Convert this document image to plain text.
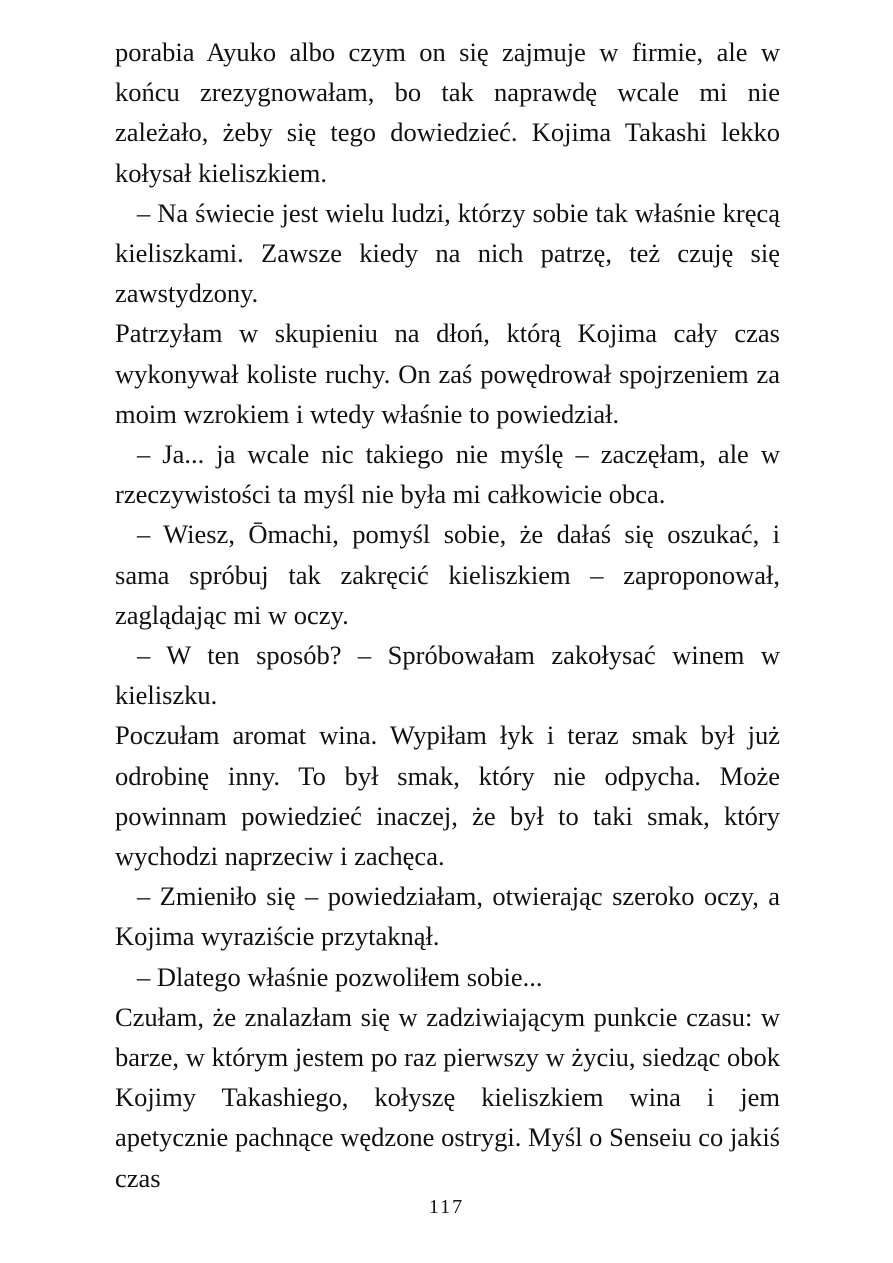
porabia Ayuko albo czym on się zajmuje w firmie, ale w końcu zrezygnowałam, bo tak naprawdę wcale mi nie zależało, żeby się tego dowiedzieć. Kojima Takashi lekko kołysał kieliszkiem.

– Na świecie jest wielu ludzi, którzy sobie tak właśnie kręcą kieliszkami. Zawsze kiedy na nich patrzę, też czuję się zawstydzony.

Patrzyłam w skupieniu na dłoń, którą Kojima cały czas wykonywał koliste ruchy. On zaś powędrował spojrzeniem za moim wzrokiem i wtedy właśnie to powiedział.

– Ja... ja wcale nic takiego nie myślę – zaczęłam, ale w rzeczywistości ta myśl nie była mi całkowicie obca.

– Wiesz, Ōmachi, pomyśl sobie, że dałaś się oszukać, i sama spróbuj tak zakręcić kieliszkiem – zaproponował, zaglądając mi w oczy.

– W ten sposób? – Spróbowałam zakołysać winem w kieliszku.

Poczułam aromat wina. Wypiłam łyk i teraz smak był już odrobinę inny. To był smak, który nie odpycha. Może powinnam powiedzieć inaczej, że był to taki smak, który wychodzi naprzeciw i zachęca.

– Zmieniło się – powiedziałam, otwierając szeroko oczy, a Kojima wyraziście przytaknął.

– Dlatego właśnie pozwoliłem sobie...

Czułam, że znalazłam się w zadziwiającym punkcie czasu: w barze, w którym jestem po raz pierwszy w życiu, siedząc obok Kojimy Takashiego, kołyszę kieliszkiem wina i jem apetycznie pachnące wędzone ostrygi. Myśl o Senseiu co jakiś czas

117
